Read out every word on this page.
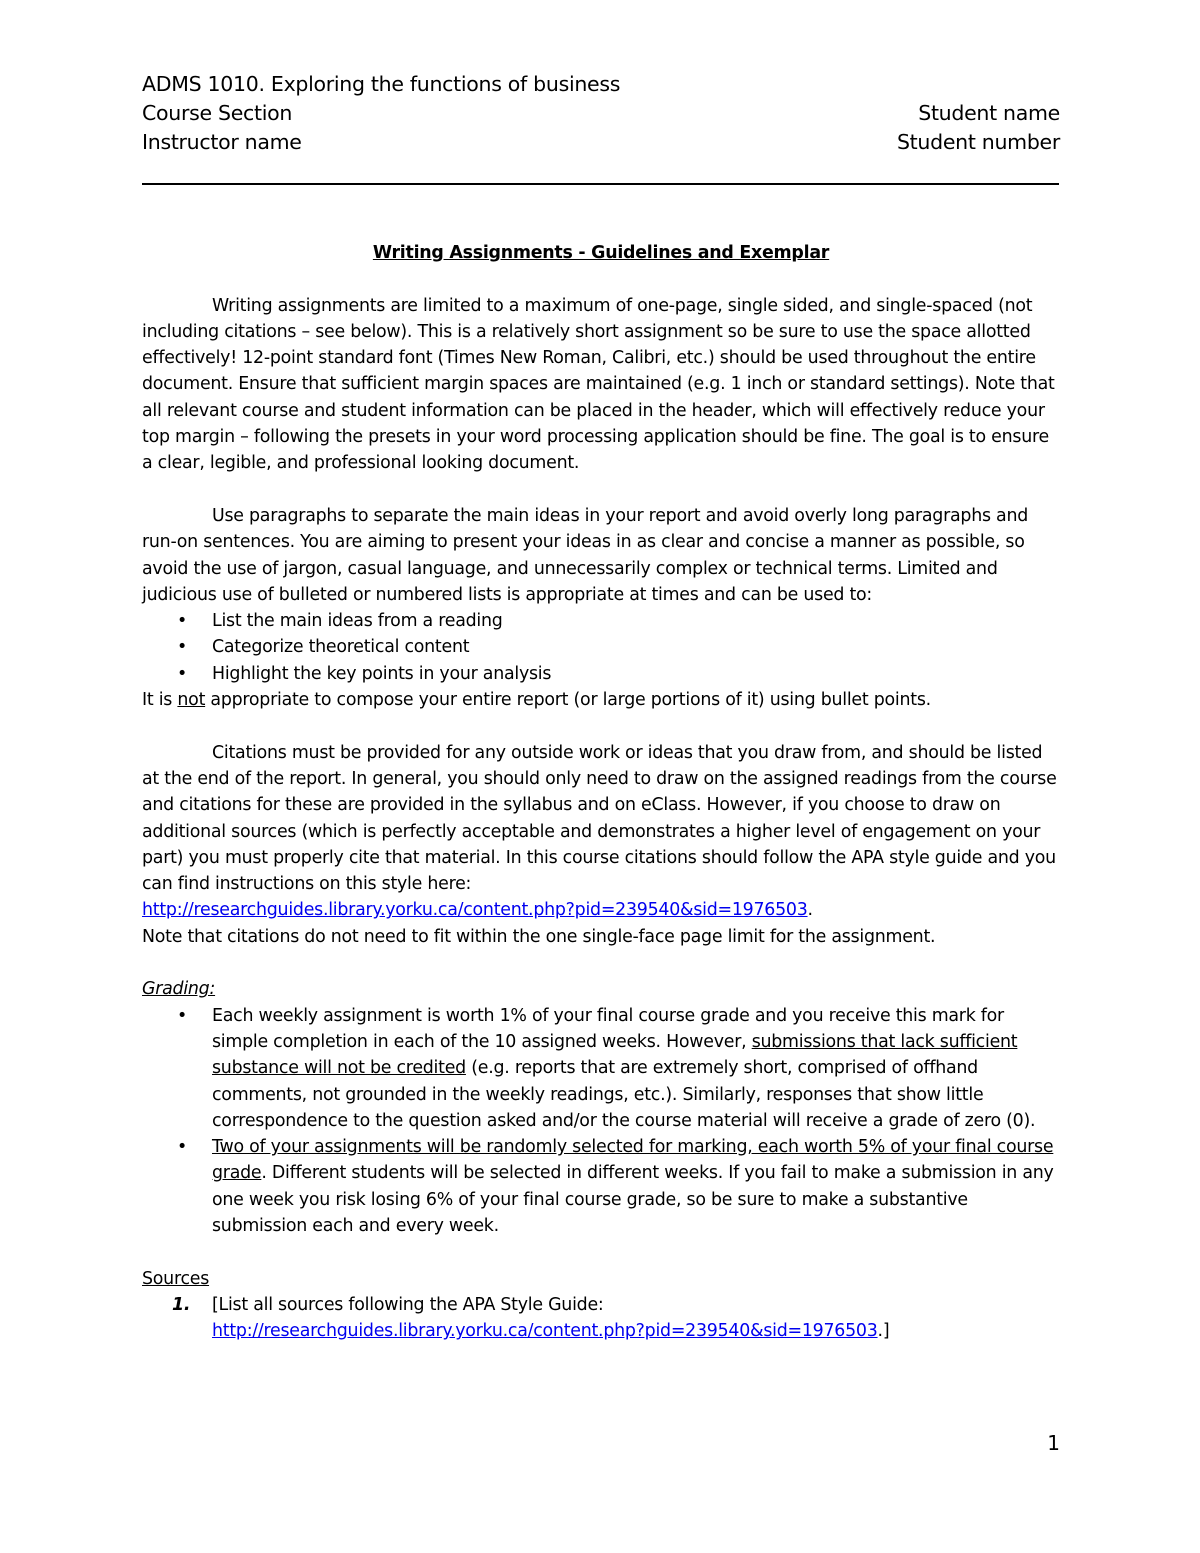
ADMS 1010. Exploring the functions of business
Course Section	Student name
Instructor name	Student number

Writing Assignments - Guidelines and Exemplar

Writing assignments are limited to a maximum of one-page, single sided, and single-spaced (not including citations – see below). This is a relatively short assignment so be sure to use the space allotted effectively! 12-point standard font (Times New Roman, Calibri, etc.) should be used throughout the entire document. Ensure that sufficient margin spaces are maintained (e.g. 1 inch or standard settings). Note that all relevant course and student information can be placed in the header, which will effectively reduce your top margin – following the presets in your word processing application should be fine. The goal is to ensure a clear, legible, and professional looking document.

Use paragraphs to separate the main ideas in your report and avoid overly long paragraphs and run-on sentences. You are aiming to present your ideas in as clear and concise a manner as possible, so avoid the use of jargon, casual language, and unnecessarily complex or technical terms. Limited and judicious use of bulleted or numbered lists is appropriate at times and can be used to:

• List the main ideas from a reading
• Categorize theoretical content
• Highlight the key points in your analysis

It is not appropriate to compose your entire report (or large portions of it) using bullet points.

Citations must be provided for any outside work or ideas that you draw from, and should be listed at the end of the report. In general, you should only need to draw on the assigned readings from the course and citations for these are provided in the syllabus and on eClass. However, if you choose to draw on additional sources (which is perfectly acceptable and demonstrates a higher level of engagement on your part) you must properly cite that material. In this course citations should follow the APA style guide and you can find instructions on this style here:

http://researchguides.library.yorku.ca/content.php?pid=239540&sid=1976503.

Note that citations do not need to fit within the one single-face page limit for the assignment.

Grading:

• Each weekly assignment is worth 1% of your final course grade and you receive this mark for simple completion in each of the 10 assigned weeks. However, submissions that lack sufficient substance will not be credited (e.g. reports that are extremely short, comprised of offhand comments, not grounded in the weekly readings, etc.). Similarly, responses that show little correspondence to the question asked and/or the course material will receive a grade of zero (0).
• Two of your assignments will be randomly selected for marking, each worth 5% of your final course grade. Different students will be selected in different weeks. If you fail to make a submission in any one week you risk losing 6% of your final course grade, so be sure to make a substantive submission each and every week.

Sources

1. [List all sources following the APA Style Guide:
http://researchguides.library.yorku.ca/content.php?pid=239540&sid=1976503.]
1
